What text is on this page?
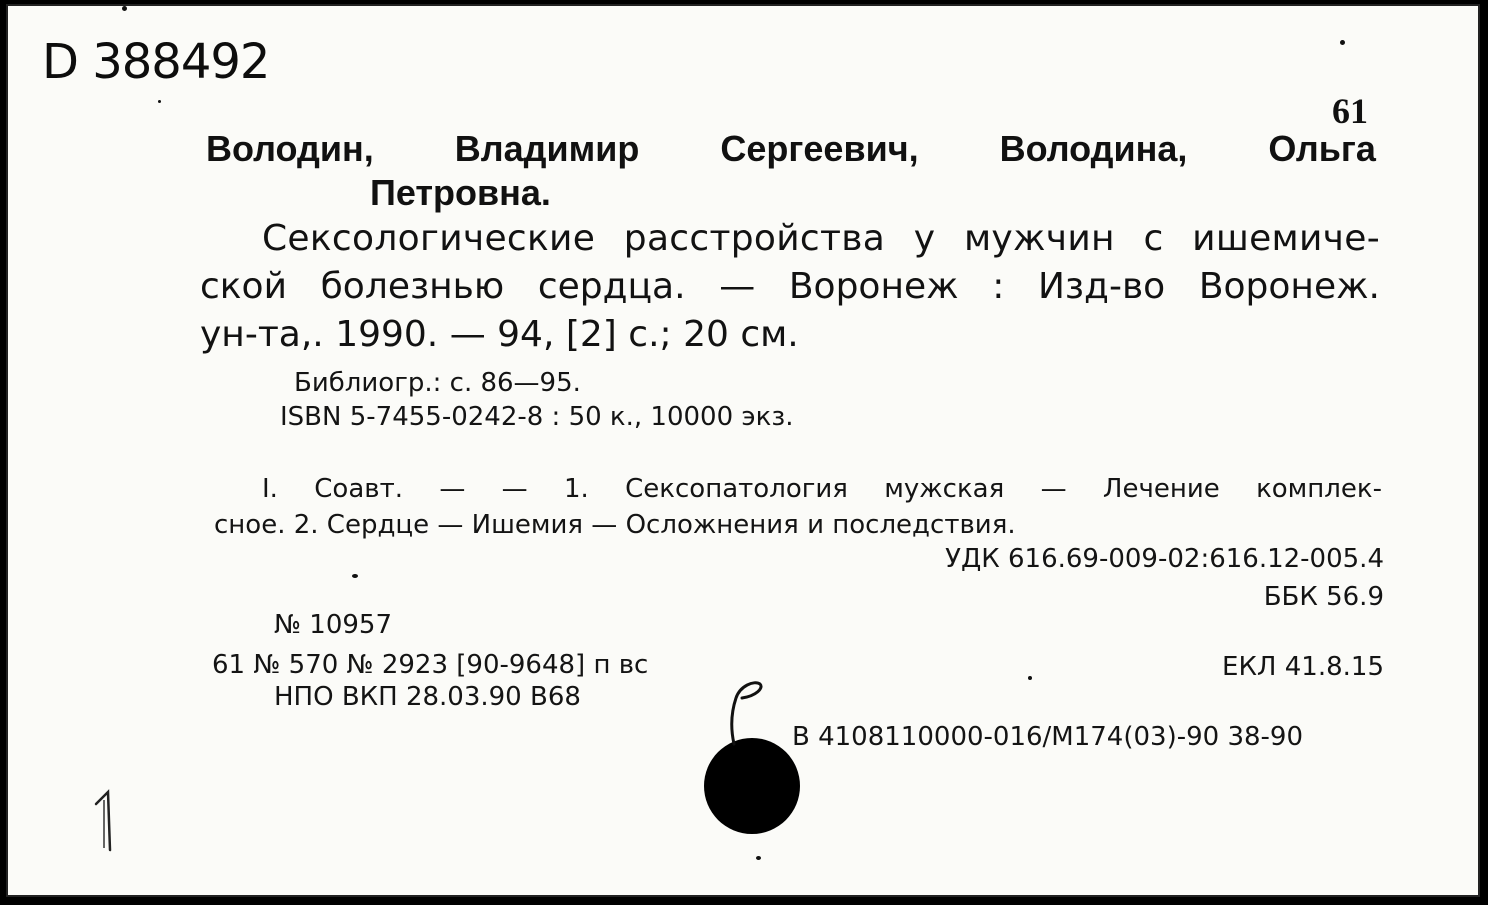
D 388492
61
Володин, Владимир Сергеевич, Володина, Ольга
Петровна.
Сексологические расстройства у мужчин с ишемиче-
ской болезнью сердца. — Воронеж : Изд-во Воронеж.
ун-та,. 1990. — 94, [2] с.; 20 см.
Библиогр.: с. 86—95.
ISBN 5-7455-0242-8 : 50 к., 10000 экз.
I. Соавт. — — 1. Сексопатология мужская — Лечение комплек-
сное. 2. Сердце — Ишемия — Осложнения и последствия.
УДК 616.69-009-02:616.12-005.4
ББК 56.9
№ 10957
61 № 570 № 2923 [90-9648] п вс	ЕКЛ 41.8.15
НПО ВКП 28.03.90 В68
В 4108110000-016/М174(03)-90 38-90
